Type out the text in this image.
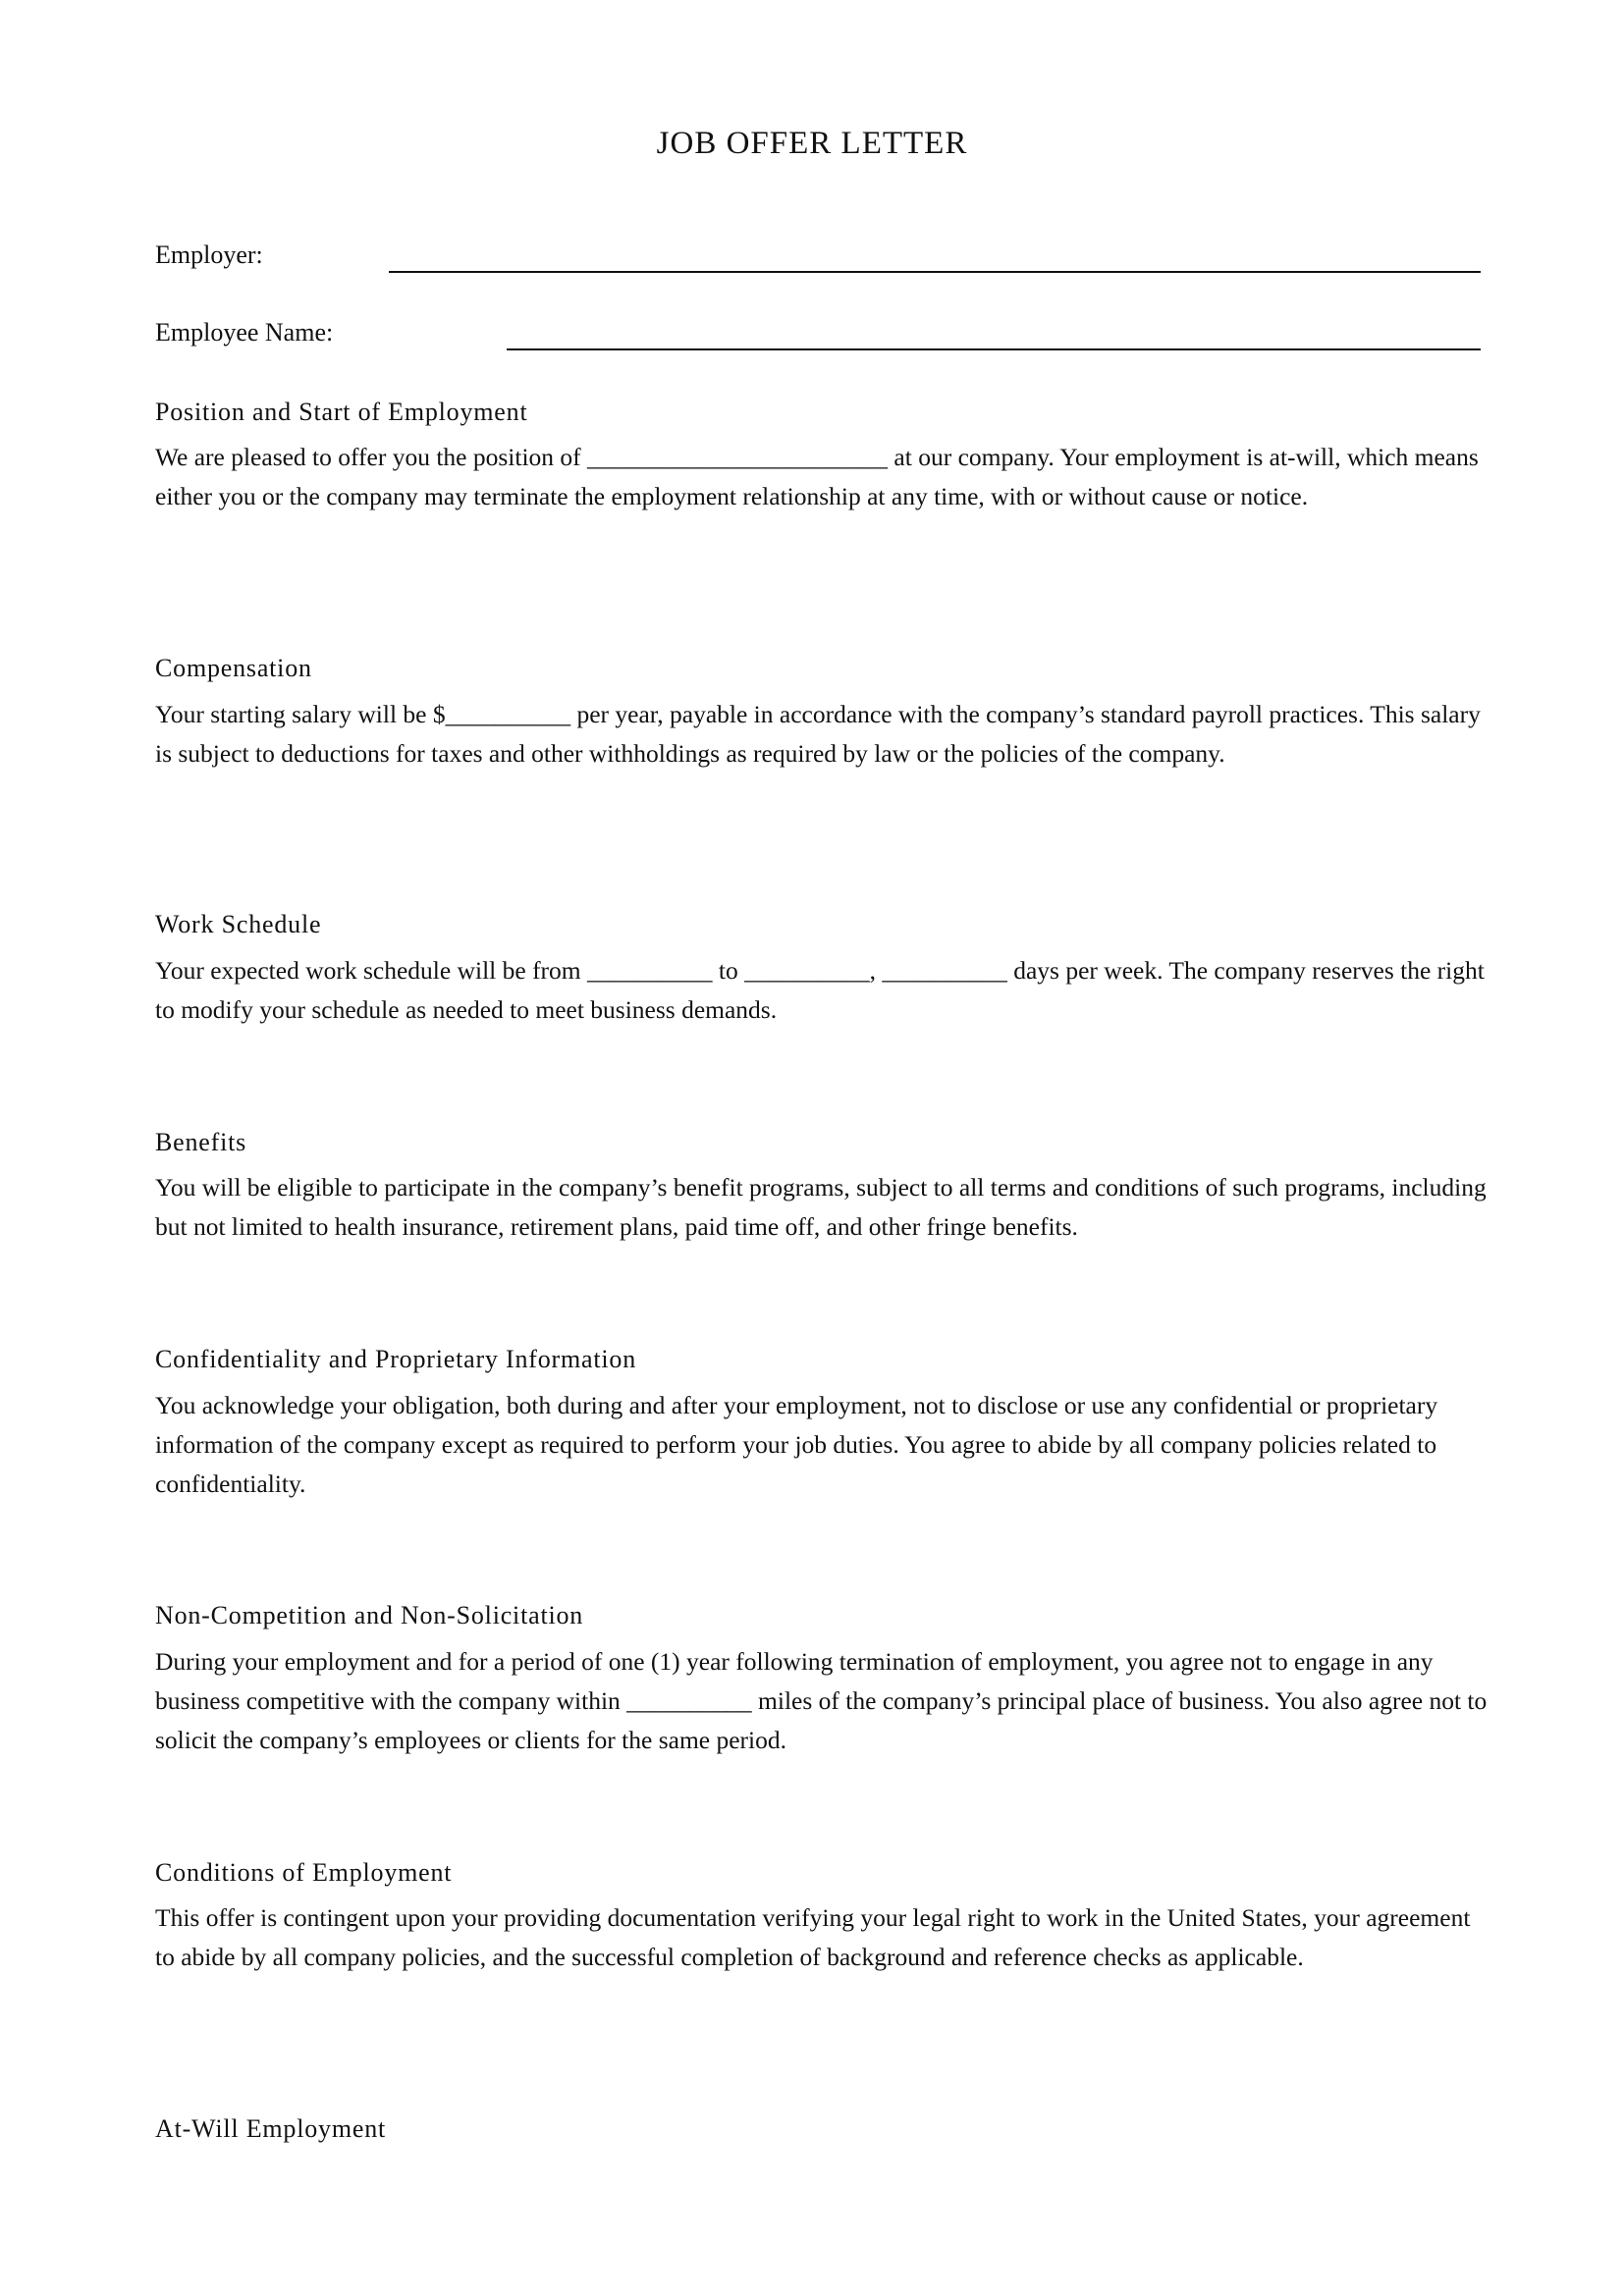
JOB OFFER LETTER
Employer:
Employee Name:
Position and Start of Employment
We are pleased to offer you the position of ________________________ at our company. Your employment is at-will, which means either you or the company may terminate the employment relationship at any time, with or without cause or notice.
Compensation
Your starting salary will be $__________ per year, payable in accordance with the company’s standard payroll practices. This salary is subject to deductions for taxes and other withholdings as required by law or the policies of the company.
Work Schedule
Your expected work schedule will be from __________ to __________, __________ days per week. The company reserves the right to modify your schedule as needed to meet business demands.
Benefits
You will be eligible to participate in the company’s benefit programs, subject to all terms and conditions of such programs, including but not limited to health insurance, retirement plans, paid time off, and other fringe benefits.
Confidentiality and Proprietary Information
You acknowledge your obligation, both during and after your employment, not to disclose or use any confidential or proprietary information of the company except as required to perform your job duties. You agree to abide by all company policies related to confidentiality.
Non-Competition and Non-Solicitation
During your employment and for a period of one (1) year following termination of employment, you agree not to engage in any business competitive with the company within __________ miles of the company’s principal place of business. You also agree not to solicit the company’s employees or clients for the same period.
Conditions of Employment
This offer is contingent upon your providing documentation verifying your legal right to work in the United States, your agreement to abide by all company policies, and the successful completion of background and reference checks as applicable.
At-Will Employment
